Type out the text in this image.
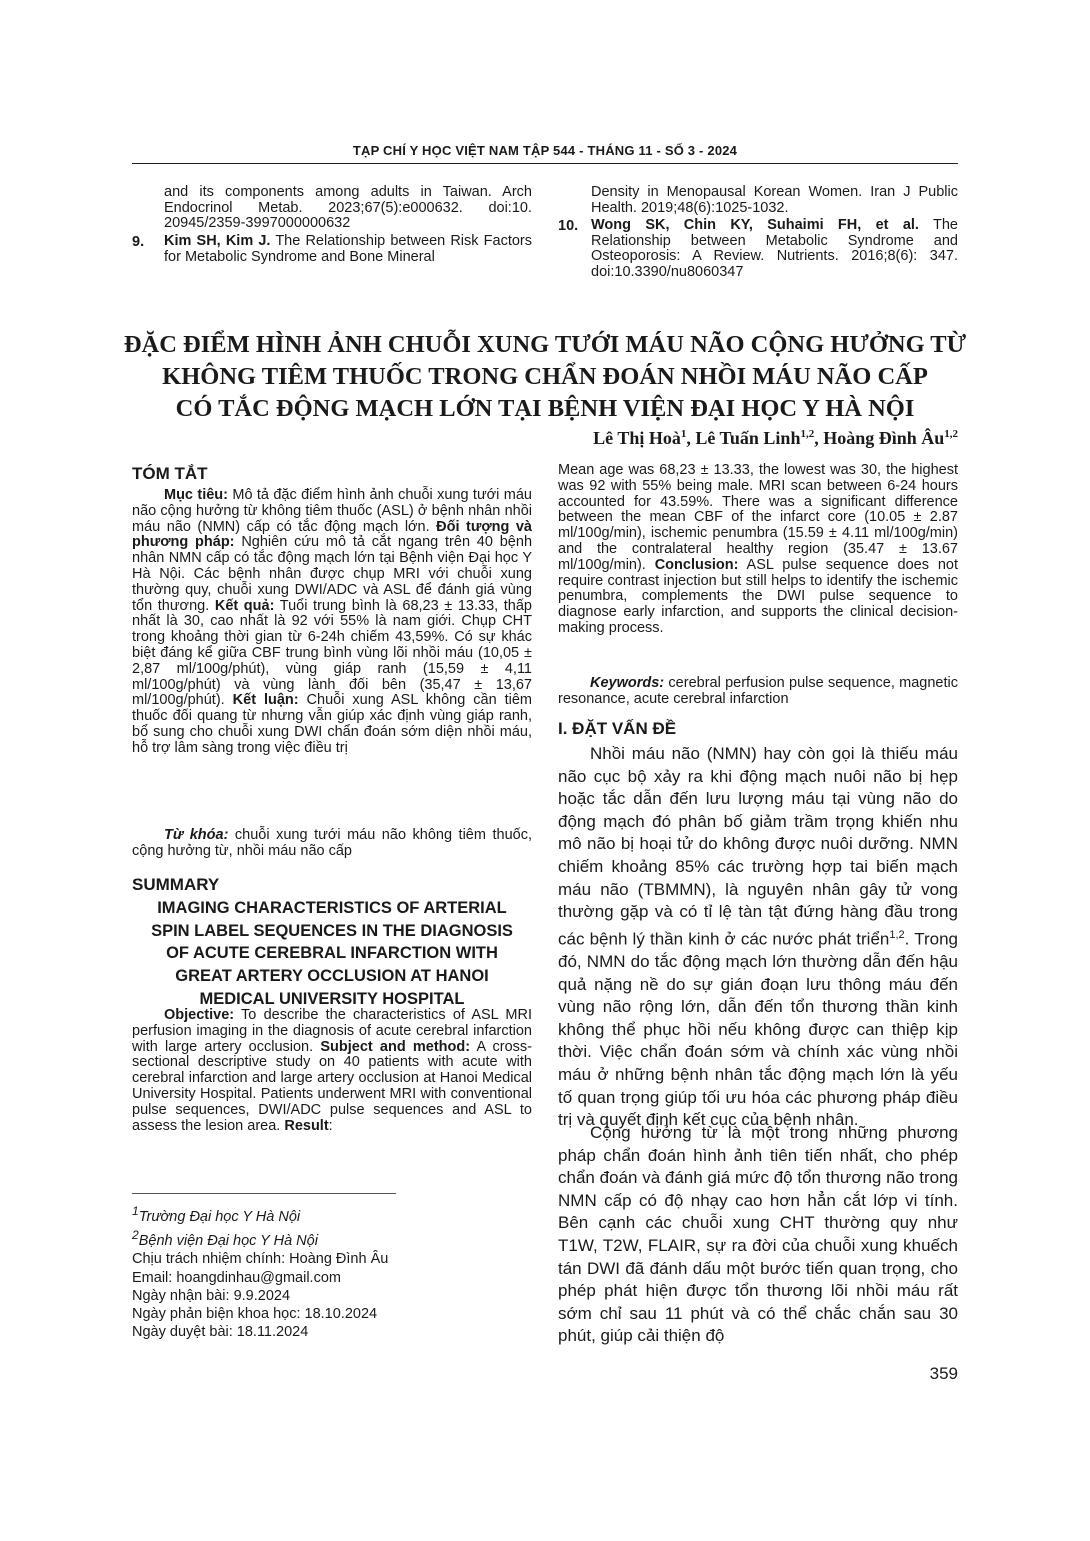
TẠP CHÍ Y HỌC VIỆT NAM TẬP 544 - THÁNG 11 - SỐ 3 - 2024
and its components among adults in Taiwan. Arch Endocrinol Metab. 2023;67(5):e000632. doi:10. 20945/2359-3997000000632
9. Kim SH, Kim J. The Relationship between Risk Factors for Metabolic Syndrome and Bone Mineral
Density in Menopausal Korean Women. Iran J Public Health. 2019;48(6):1025-1032.
10. Wong SK, Chin KY, Suhaimi FH, et al. The Relationship between Metabolic Syndrome and Osteoporosis: A Review. Nutrients. 2016;8(6): 347. doi:10.3390/nu8060347
ĐẶC ĐIỂM HÌNH ẢNH CHUỖI XUNG TƯỚI MÁU NÃO CỘNG HƯỞNG TỪ
KHÔNG TIÊM THUỐC TRONG CHẨN ĐOÁN NHỒI MÁU NÃO CẤP
CÓ TẮC ĐỘNG MẠCH LỚN TẠI BỆNH VIỆN ĐẠI HỌC Y HÀ NỘI
Lê Thị Hoà$^1$, Lê Tuấn Linh$^{1,2}$, Hoàng Đình Âu$^{1,2}$
TÓM TẮT
Mục tiêu: Mô tả đặc điểm hình ảnh chuỗi xung tưới máu não cộng hưởng từ không tiêm thuốc (ASL) ở bệnh nhân nhồi máu não (NMN) cấp có tắc động mạch lớn. Đối tượng và phương pháp: Nghiên cứu mô tả cắt ngang trên 40 bệnh nhân NMN cấp có tắc động mạch lớn tại Bệnh viện Đại học Y Hà Nội. Các bệnh nhân được chụp MRI với chuỗi xung thường quy, chuỗi xung DWI/ADC và ASL để đánh giá vùng tổn thương. Kết quả: Tuổi trung bình là 68,23 ± 13.33, thấp nhất là 30, cao nhất là 92 với 55% là nam giới. Chụp CHT trong khoảng thời gian từ 6-24h chiếm 43,59%. Có sự khác biệt đáng kể giữa CBF trung bình vùng lõi nhồi máu (10,05 ± 2,87 ml/100g/phút), vùng giáp ranh (15,59 ± 4,11 ml/100g/phút) và vùng lành đối bên (35,47 ± 13,67 ml/100g/phút). Kết luận: Chuỗi xung ASL không cần tiêm thuốc đối quang từ nhưng vẫn giúp xác định vùng giáp ranh, bổ sung cho chuỗi xung DWI chẩn đoán sớm diện nhồi máu, hỗ trợ lâm sàng trong việc điều trị
Từ khóa: chuỗi xung tưới máu não không tiêm thuốc, cộng hưởng từ, nhồi máu não cấp
SUMMARY
IMAGING CHARACTERISTICS OF ARTERIAL
SPIN LABEL SEQUENCES IN THE DIAGNOSIS
OF ACUTE CEREBRAL INFARCTION WITH
GREAT ARTERY OCCLUSION AT HANOI
MEDICAL UNIVERSITY HOSPITAL
Objective: To describe the characteristics of ASL MRI perfusion imaging in the diagnosis of acute cerebral infarction with large artery occlusion. Subject and method: A cross-sectional descriptive study on 40 patients with acute with cerebral infarction and large artery occlusion at Hanoi Medical University Hospital. Patients underwent MRI with conventional pulse sequences, DWI/ADC pulse sequences and ASL to assess the lesion area. Result:
$^1$Trường Đại học Y Hà Nội
$^2$Bệnh viện Đại học Y Hà Nội
Chịu trách nhiệm chính: Hoàng Đình Âu
Email: hoangdinhau@gmail.com
Ngày nhận bài: 9.9.2024
Ngày phản biện khoa học: 18.10.2024
Ngày duyệt bài: 18.11.2024
Mean age was 68,23 ± 13.33, the lowest was 30, the highest was 92 with 55% being male. MRI scan between 6-24 hours accounted for 43.59%. There was a significant difference between the mean CBF of the infarct core (10.05 ± 2.87 ml/100g/min), ischemic penumbra (15.59 ± 4.11 ml/100g/min) and the contralateral healthy region (35.47 ± 13.67 ml/100g/min). Conclusion: ASL pulse sequence does not require contrast injection but still helps to identify the ischemic penumbra, complements the DWI pulse sequence to diagnose early infarction, and supports the clinical decision-making process.
Keywords: cerebral perfusion pulse sequence, magnetic resonance, acute cerebral infarction
I. ĐẶT VẤN ĐỀ
Nhồi máu não (NMN) hay còn gọi là thiếu máu não cục bộ xảy ra khi động mạch nuôi não bị hẹp hoặc tắc dẫn đến lưu lượng máu tại vùng não do động mạch đó phân bố giảm trầm trọng khiến nhu mô não bị hoại tử do không được nuôi dưỡng. NMN chiếm khoảng 85% các trường hợp tai biến mạch máu não (TBMMN), là nguyên nhân gây tử vong thường gặp và có tỉ lệ tàn tật đứng hàng đầu trong các bệnh lý thần kinh ở các nước phát triển$^{1,2}$. Trong đó, NMN do tắc động mạch lớn thường dẫn đến hậu quả nặng nề do sự gián đoạn lưu thông máu đến vùng não rộng lớn, dẫn đến tổn thương thần kinh không thể phục hồi nếu không được can thiệp kịp thời. Việc chẩn đoán sớm và chính xác vùng nhồi máu ở những bệnh nhân tắc động mạch lớn là yếu tố quan trọng giúp tối ưu hóa các phương pháp điều trị và quyết định kết cục của bệnh nhân.
Cộng hưởng từ là một trong những phương pháp chẩn đoán hình ảnh tiên tiến nhất, cho phép chẩn đoán và đánh giá mức độ tổn thương não trong NMN cấp có độ nhạy cao hơn hẳn cắt lớp vi tính. Bên cạnh các chuỗi xung CHT thường quy như T1W, T2W, FLAIR, sự ra đời của chuỗi xung khuếch tán DWI đã đánh dấu một bước tiến quan trọng, cho phép phát hiện được tổn thương lõi nhồi máu rất sớm chỉ sau 11 phút và có thể chắc chắn sau 30 phút, giúp cải thiện độ
359
